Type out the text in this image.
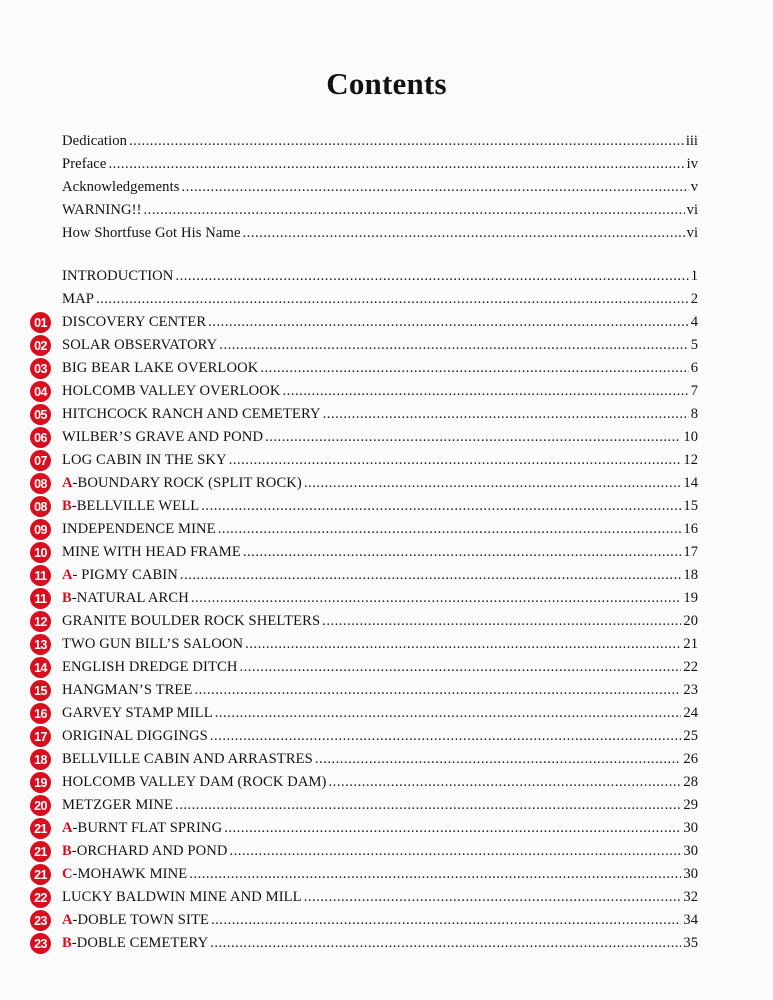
Contents
Dedication .....	iii
Preface .....	iv
Acknowledgements .....	v
WARNING!! .....	vi
How Shortfuse Got His Name .....	vi
INTRODUCTION .....	1
MAP .....	2
01 DISCOVERY CENTER .....	4
02 SOLAR OBSERVATORY .....	5
03 BIG BEAR LAKE OVERLOOK .....	6
04 HOLCOMB VALLEY OVERLOOK .....	7
05 HITCHCOCK RANCH AND CEMETERY .....	8
06 WILBER’S GRAVE AND POND .....	10
07 LOG CABIN IN THE SKY .....	12
08 A -BOUNDARY ROCK (SPLIT ROCK) .....	14
08 B -BELLVILLE WELL .....	15
09 INDEPENDENCE MINE .....	16
10 MINE WITH HEAD FRAME .....	17
11	A - PIGMY CABIN .....	18
11	B -NATURAL ARCH .....	19
12 GRANITE BOULDER ROCK SHELTERS .....	20
13 TWO GUN BILL’S SALOON .....	21
14 ENGLISH DREDGE DITCH .....	22
15 HANGMAN’S TREE .....	23
16 GARVEY STAMP MILL .....	24
17 ORIGINAL DIGGINGS .....	25
18 BELLVILLE CABIN AND ARRASTRES .....	26
19 HOLCOMB VALLEY DAM (ROCK DAM) .....	28
20 METZGER MINE .....	29
21 A -BURNT FLAT SPRING .....	30
21 B -ORCHARD AND POND .....	30
21 C -MOHAWK MINE .....	30
22 LUCKY BALDWIN MINE AND MILL .....	32
23 A -DOBLE TOWN SITE .....	34
23 B -DOBLE CEMETERY .....	35
